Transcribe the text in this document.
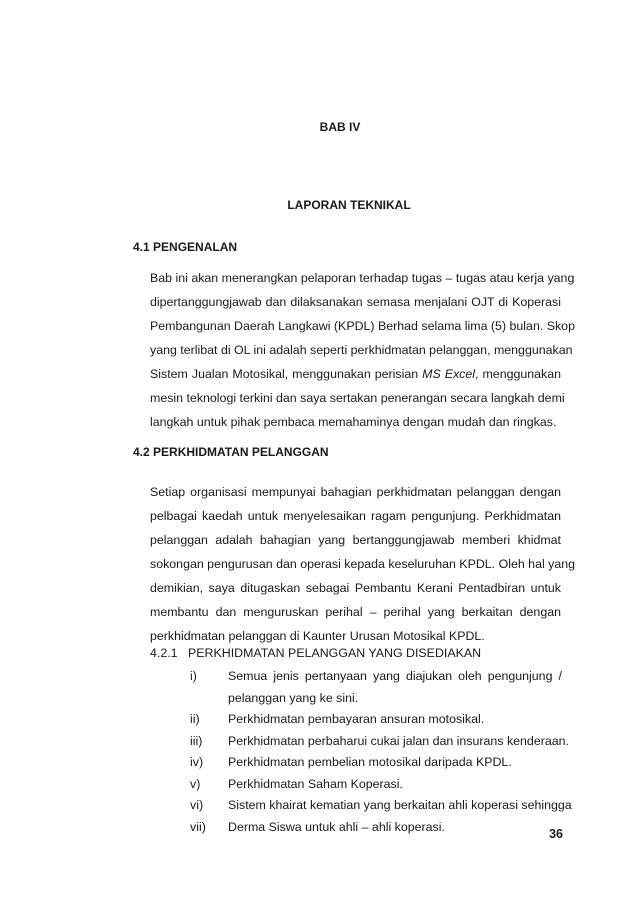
BAB IV
LAPORAN TEKNIKAL
4.1 PENGENALAN
Bab ini akan menerangkan pelaporan terhadap tugas – tugas atau kerja yang
dipertanggungjawab dan dilaksanakan semasa menjalani OJT di Koperasi
Pembangunan Daerah Langkawi (KPDL) Berhad selama lima (5) bulan. Skop
yang terlibat di OL ini adalah seperti perkhidmatan pelanggan, menggunakan
Sistem Jualan Motosikal, menggunakan perisian MS Excel, menggunakan
mesin teknologi terkini dan saya sertakan penerangan secara langkah demi
langkah untuk pihak pembaca memahaminya dengan mudah dan ringkas.
4.2 PERKHIDMATAN PELANGGAN
Setiap organisasi mempunyai bahagian perkhidmatan pelanggan dengan
pelbagai kaedah untuk menyelesaikan ragam pengunjung. Perkhidmatan
pelanggan adalah bahagian yang bertanggungjawab memberi khidmat
sokongan pengurusan dan operasi kepada keseluruhan KPDL. Oleh hal yang
demikian, saya ditugaskan sebagai Pembantu Kerani Pentadbiran untuk
membantu dan menguruskan perihal – perihal yang berkaitan dengan
perkhidmatan pelanggan di Kaunter Urusan Motosikal KPDL.
4.2.1 PERKHIDMATAN PELANGGAN YANG DISEDIAKAN
i)	Semua jenis pertanyaan yang diajukan oleh pengunjung /
pelanggan yang ke sini.
ii)	Perkhidmatan pembayaran ansuran motosikal.
iii)	Perkhidmatan perbaharui cukai jalan dan insurans kenderaan.
iv)	Perkhidmatan pembelian motosikal daripada KPDL.
v)	Perkhidmatan Saham Koperasi.
vi)	Sistem khairat kematian yang berkaitan ahli koperasi sehingga
vii)	Derma Siswa untuk ahli – ahli koperasi.
36
